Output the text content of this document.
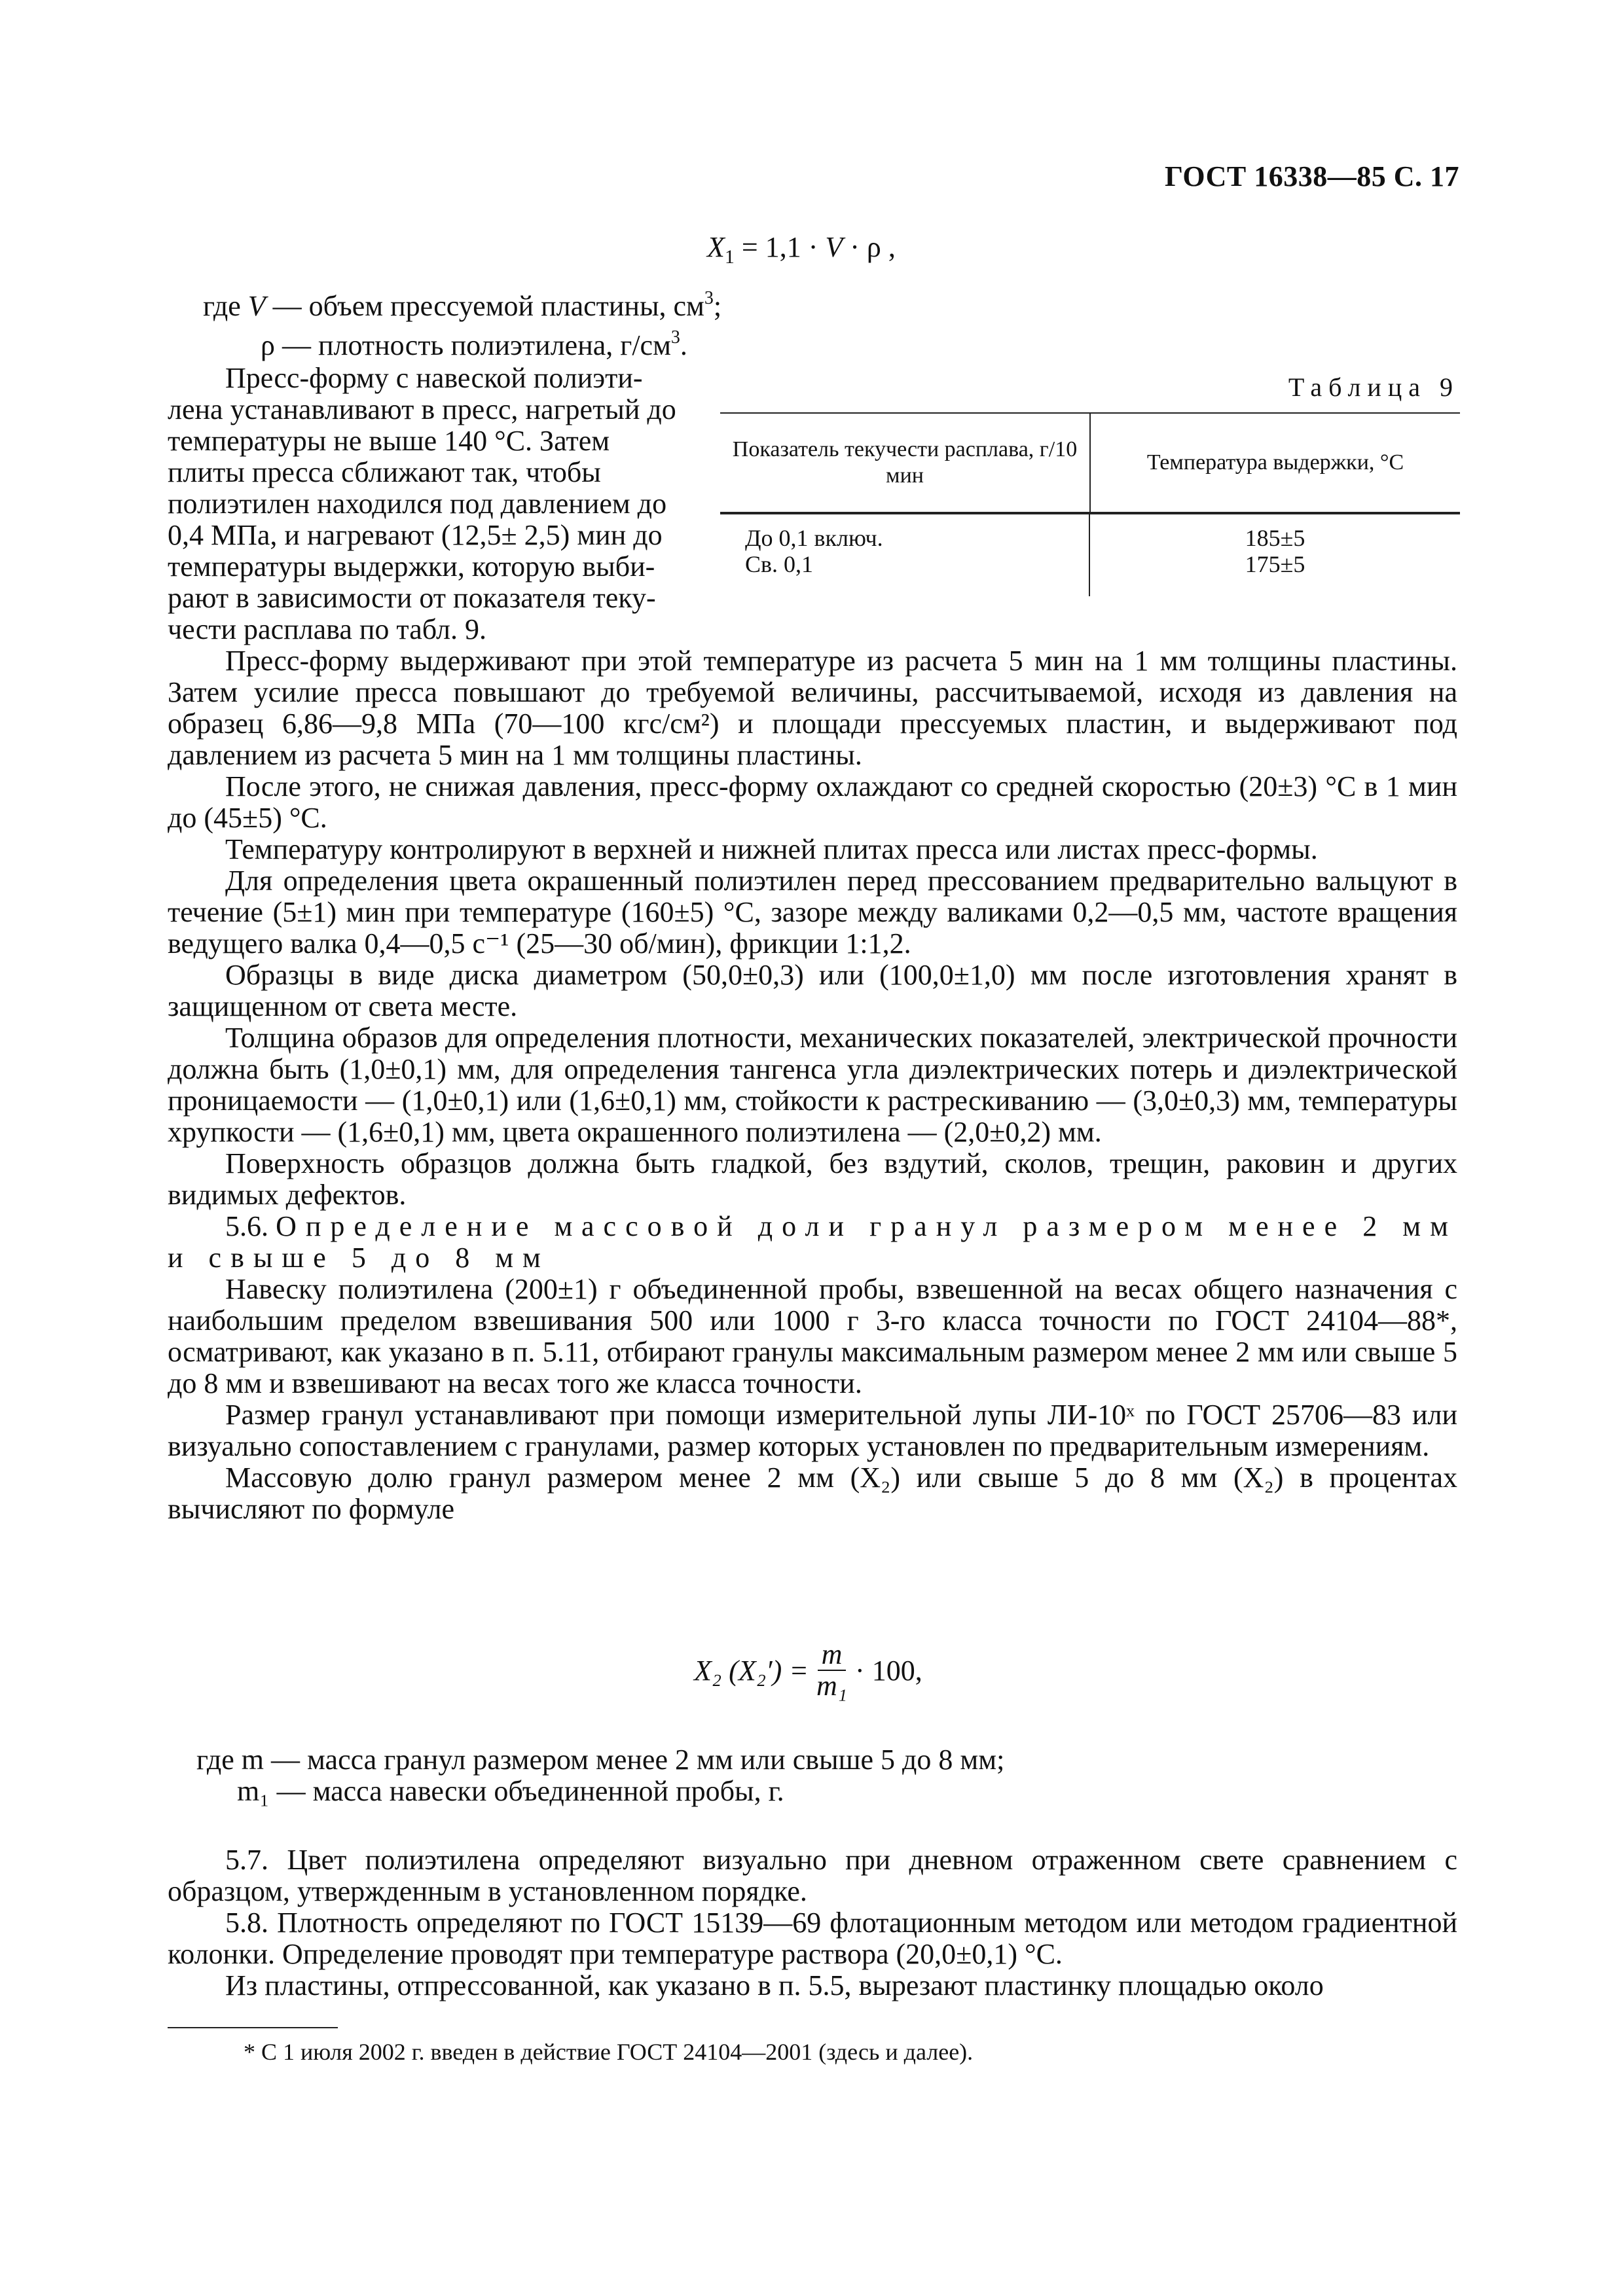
ГОСТ 16338—85 С. 17
$X_1 = 1,1 \cdot V \cdot \rho$ ,
где V — объем прессуемой пластины, $см^3$;
ρ — плотность полиэтилена, $г/см^3$.
Пресс-форму с навеской полиэти-
лена устанавливают в пресс, нагретый до
температуры не выше 140 °С. Затем
плиты пресса сближают так, чтобы
полиэтилен находился под давлением до
0,4 МПа, и нагревают (12,5± 2,5) мин до
температуры выдержки, которую выби-
рают в зависимости от показателя теку-
чести расплава по табл. 9.
Таблица 9
Показатель текучести расплава, г/10 мин
Температура выдержки, °С
До 0,1 включ.
Св. 0,1
185±5
175±5

Пресс-форму выдерживают при этой температуре из расчета 5 мин на 1 мм толщины пластины. Затем усилие пресса повышают до требуемой величины, рассчитываемой, исходя из давления на образец 6,86—9,8 МПа (70—100 кгс/см²) и площади прессуемых пластин, и выдерживают под давлением из расчета 5 мин на 1 мм толщины пластины.

После этого, не снижая давления, пресс-форму охлаждают со средней скоростью (20±3) °С в 1 мин до (45±5) °С.

Температуру контролируют в верхней и нижней плитах пресса или листах пресс-формы.

Для определения цвета окрашенный полиэтилен перед прессованием предварительно вальцуют в течение (5±1) мин при температуре (160±5) °С, зазоре между валиками 0,2—0,5 мм, частоте вращения ведущего валка 0,4—0,5 с⁻¹ (25—30 об/мин), фрикции 1:1,2.

Образцы в виде диска диаметром (50,0±0,3) или (100,0±1,0) мм после изготовления хранят в защищенном от света месте.

Толщина образов для определения плотности, механических показателей, электрической прочности должна быть (1,0±0,1) мм, для определения тангенса угла диэлектрических потерь и диэлектрической проницаемости — (1,0±0,1) или (1,6±0,1) мм, стойкости к растрескиванию — (3,0±0,3) мм, температуры хрупкости — (1,6±0,1) мм, цвета окрашенного полиэтилена — (2,0±0,2) мм.

Поверхность образцов должна быть гладкой, без вздутий, сколов, трещин, раковин и других видимых дефектов.

5.6. Определение массовой доли гранул размером менее 2 мм и свыше 5 до 8 мм

Навеску полиэтилена (200±1) г объединенной пробы, взвешенной на весах общего назначения с наибольшим пределом взвешивания 500 или 1000 г 3-го класса точности по ГОСТ 24104—88*, осматривают, как указано в п. 5.11, отбирают гранулы максимальным размером менее 2 мм или свыше 5 до 8 мм и взвешивают на весах того же класса точности.

Размер гранул устанавливают при помощи измерительной лупы ЛИ-10ˣ по ГОСТ 25706—83 или визуально сопоставлением с гранулами, размер которых установлен по предварительным измерениям.

Массовую долю гранул размером менее 2 мм (X₂) или свыше 5 до 8 мм (X₂) в процентах вычисляют по формуле

X₂ $(X_2') = \frac{m}{\text{m₁}} \cdot 100$,
где m — масса гранул размером менее 2 мм или свыше 5 до 8 мм;
m₁ — масса навески объединенной пробы, г.

5.7. Цвет полиэтилена определяют визуально при дневном отраженном свете сравнением с образцом, утвержденным в установленном порядке.

5.8. Плотность определяют по ГОСТ 15139—69 флотационным методом или методом градиентной колонки. Определение проводят при температуре раствора (20,0±0,1) °С.

Из пластины, отпрессованной, как указано в п. 5.5, вырезают пластинку площадью около

* С 1 июля 2002 г. введен в действие ГОСТ 24104—2001 (здесь и далее).
